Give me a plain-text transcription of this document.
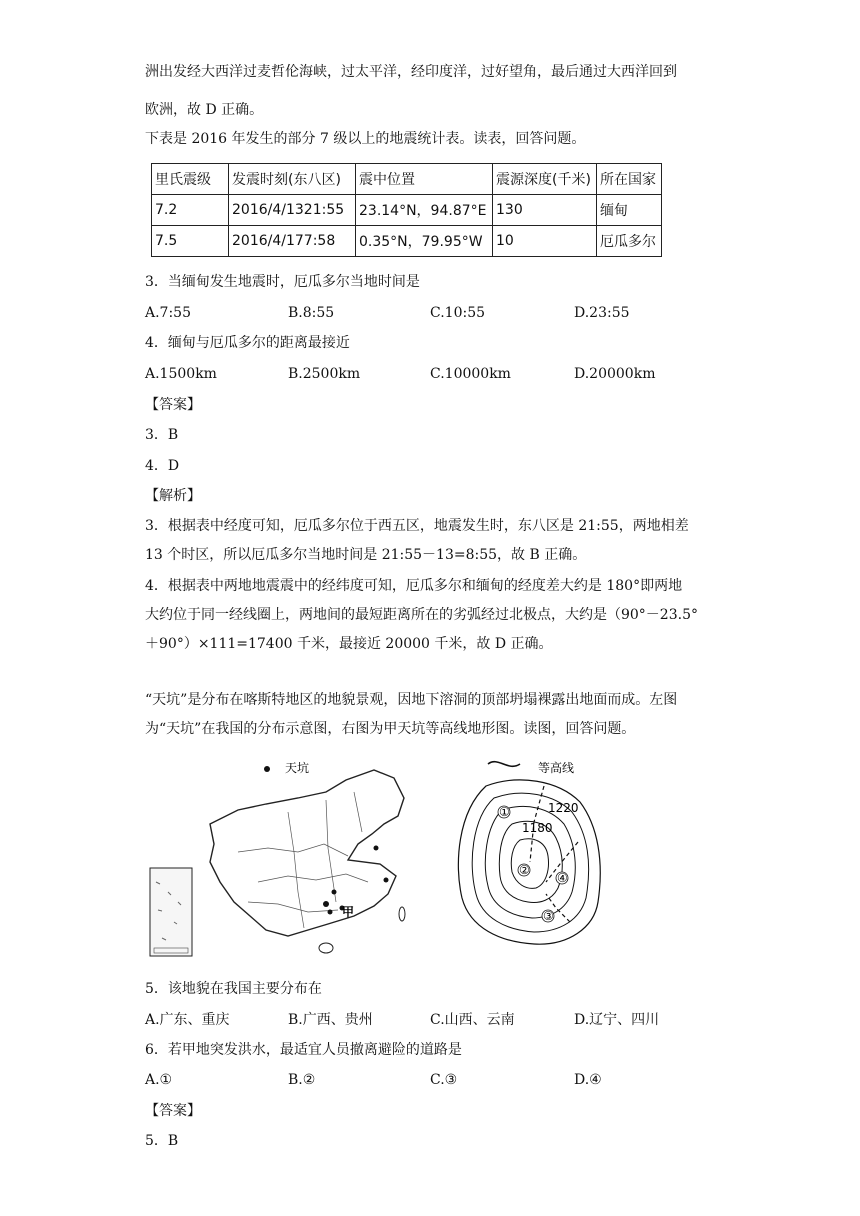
洲出发经大西洋过麦哲伦海峡，过太平洋，经印度洋，过好望角，最后通过大西洋回到
欧洲，故 D 正确。
下表是 2016 年发生的部分 7 级以上的地震统计表。读表，回答问题。
里氏震级	发震时刻(东八区)	震中位置	震源深度(千米)	所在国家
7.2	2016/4/1321:55	23.14°N，94.87°E	130	缅甸
7.5	2016/4/177:58	0.35°N，79.95°W	10	厄瓜多尔
3．当缅甸发生地震时，厄瓜多尔当地时间是
A.7:55	B.8:55	C.10:55	D.23:55
4．缅甸与厄瓜多尔的距离最接近
A.1500km	B.2500km	C.10000km	D.20000km
【答案】
3．B
4．D
【解析】
3．根据表中经度可知，厄瓜多尔位于西五区，地震发生时，东八区是 21:55，两地相差
13 个时区，所以厄瓜多尔当地时间是 21:55－13=8:55，故 B 正确。
4．根据表中两地地震震中的经纬度可知，厄瓜多尔和缅甸的经度差大约是 180°即两地
大约位于同一经线圈上，两地间的最短距离所在的劣弧经过北极点，大约是（90°－23.5°
＋90°）×111=17400 千米，最接近 20000 千米，故 D 正确。
“天坑”是分布在喀斯特地区的地貌景观，因地下溶洞的顶部坍塌裸露出地面而成。左图
为“天坑”在我国的分布示意图，右图为甲天坑等高线地形图。读图，回答问题。
天坑
甲
等高线
1220
1180
①
②
③
④
5．该地貌在我国主要分布在
A.广东、重庆	B.广西、贵州	C.山西、云南	D.辽宁、四川
6．若甲地突发洪水，最适宜人员撤离避险的道路是
A.①	B.②	C.③	D.④
【答案】
5．B
